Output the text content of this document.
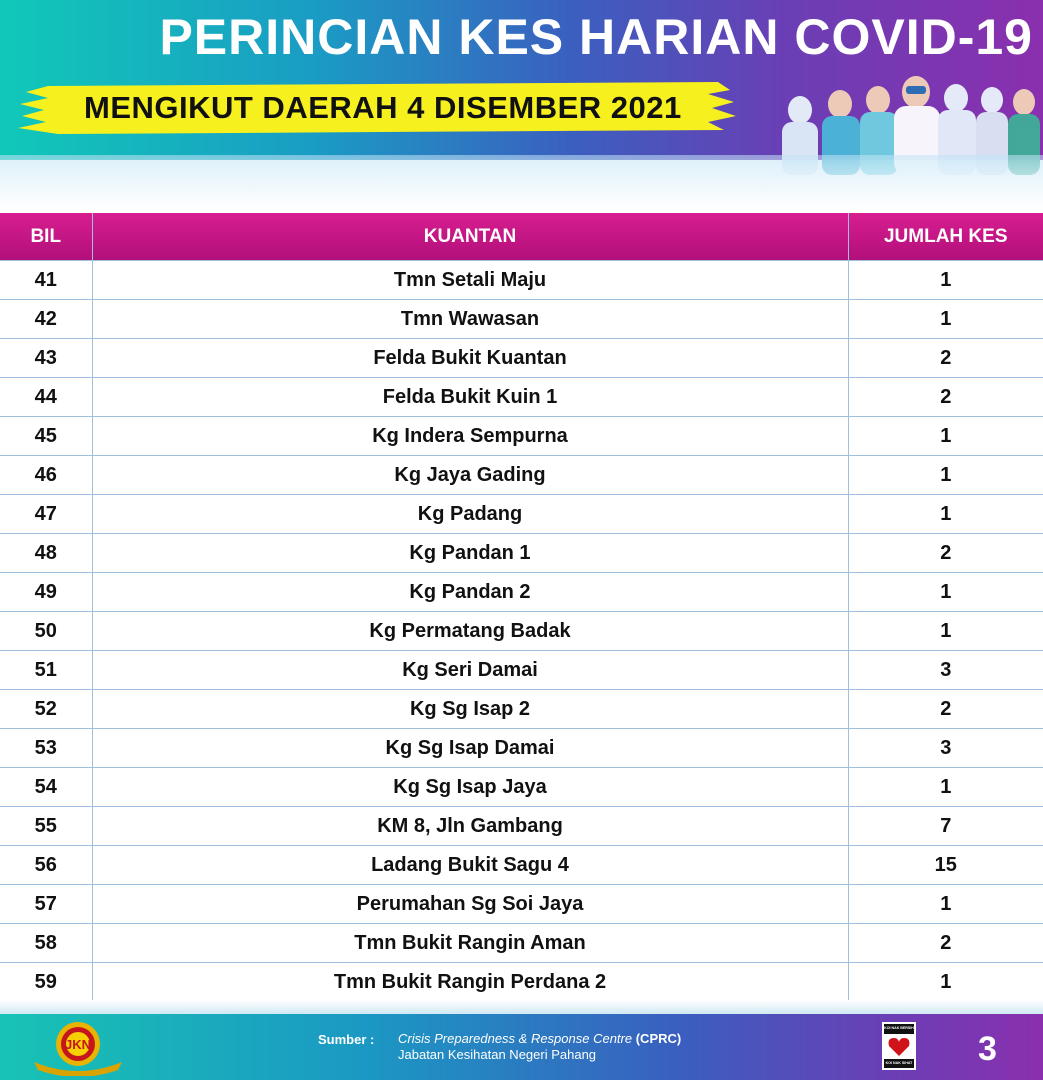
PERINCIAN KES HARIAN COVID-19
MENGIKUT DAERAH 4 DISEMBER 2021
BIL	KUANTAN	JUMLAH KES
41	Tmn Setali Maju	1
42	Tmn Wawasan	1
43	Felda Bukit Kuantan	2
44	Felda Bukit Kuin 1	2
45	Kg Indera Sempurna	1
46	Kg Jaya Gading	1
47	Kg Padang	1
48	Kg Pandan 1	2
49	Kg Pandan 2	1
50	Kg Permatang Badak	1
51	Kg Seri Damai	3
52	Kg Sg Isap 2	2
53	Kg Sg Isap Damai	3
54	Kg Sg Isap Jaya	1
55	KM 8, Jln Gambang	7
56	Ladang Bukit Sagu 4	15
57	Perumahan Sg Soi Jaya	1
58	Tmn Bukit Rangin Aman	2
59	Tmn Bukit Rangin Perdana 2	1
JKN	Sumber : Crisis Preparedness & Response Centre (CPRC)
Jabatan Kesihatan Negeri Pahang
KOI NAK BERSIH
KOI NAK SIHAT 3
